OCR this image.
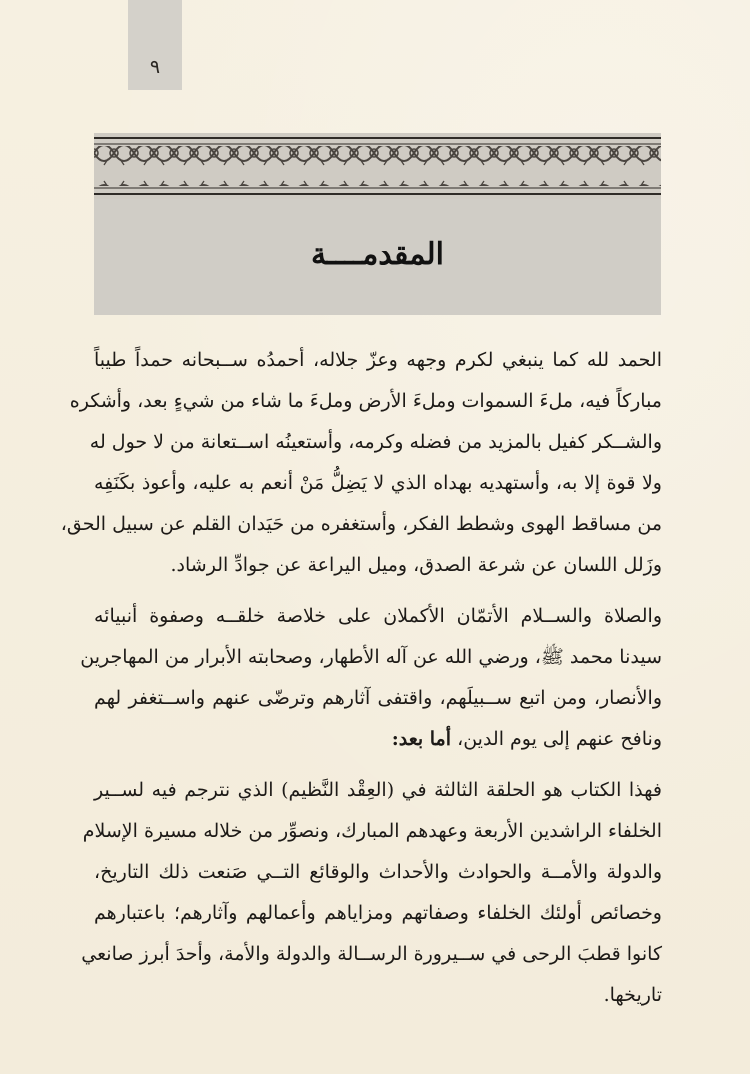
٩
المقدمــــة

الحمد لله كما ينبغي لكرم وجهه وعزّ جلاله، أحمدُه ســبحانه حمداً طيباً
مباركاً فيه، ملءَ السموات وملءَ الأرض وملءَ ما شاء من شيءٍ بعد، وأشكره
والشــكر كفيل بالمزيد من فضله وكرمه، وأستعينُه اســتعانة من لا حول له
ولا قوة إلا به، وأستهديه بهداه الذي لا يَضِلُّ مَنْ أنعم به عليه، وأعوذ بكَنَفِه
من مساقط الهوى وشطط الفكر، وأستغفره من حَيَدان القلم عن سبيل الحق،
وزَلل اللسان عن شرعة الصدق، وميل اليراعة عن جوادِّ الرشاد.

والصلاة والســلام الأتمّان الأكملان على خلاصة خلقــه وصفوة أنبيائه
سيدنا محمد ﷺ، ورضي الله عن آله الأطهار، وصحابته الأبرار من المهاجرين
والأنصار، ومن اتبع ســبيلَهم، واقتفى آثارهم وترضّى عنهم واســتغفر لهم
ونافح عنهم إلى يوم الدين، أما بعد:

فهذا الكتاب هو الحلقة الثالثة في (العِقْد النَّظيم) الذي نترجم فيه لســير
الخلفاء الراشدين الأربعة وعهدهم المبارك، ونصوِّر من خلاله مسيرة الإسلام
والدولة والأمــة والحوادث والأحداث والوقائع التــي صَنعت ذلك التاريخ،
وخصائص أولئك الخلفاء وصفاتهم ومزاياهم وأعمالهم وآثارهم؛ باعتبارهم
كانوا قطبَ الرحى في ســيرورة الرســالة والدولة والأمة، وأحدَ أبرز صانعي
تاريخها.
